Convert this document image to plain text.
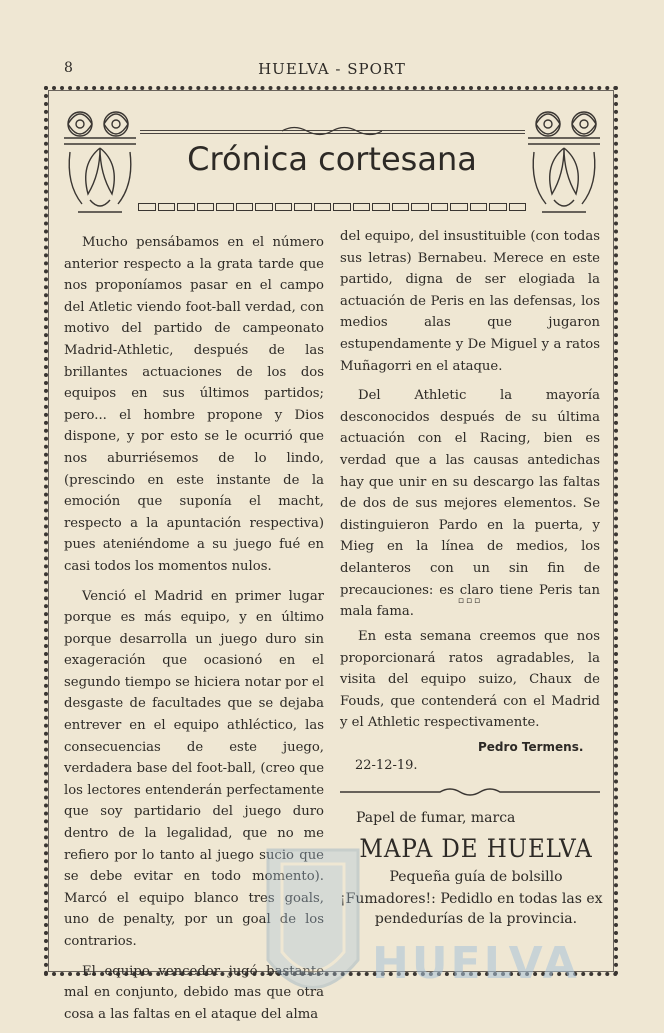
8	HUELVA - SPORT
Crónica cortesana

Mucho pensábamos en el número anterior respecto a la grata tarde que nos proponíamos pasar en el campo del Atletic viendo foot-ball verdad, con motivo del partido de campeonato Madrid-Athletic, después de las brillantes actuaciones de los dos equipos en sus últimos partidos; pero... el hombre propone y Dios dispone, y por esto se le ocurrió que nos aburriésemos de lo lindo, (prescindo en este instante de la emoción que suponía el macht, respecto a la apuntación respectiva) pues ateniéndome a su juego fué en casi todos los momentos nulos.

Venció el Madrid en primer lugar porque es más equipo, y en último porque desarrolla un juego duro sin exageración que ocasionó en el segundo tiempo se hiciera notar por el desgaste de facultades que se dejaba entrever en el equipo athléctico, las consecuencias de este juego, verdadera base del foot-ball, (creo que los lectores entenderán perfectamente que soy partidario del juego duro dentro de la legalidad, que no me refiero por lo tanto al juego sucio que se debe evitar en todo momento). Marcó el equipo blanco tres goals, uno de penalty, por un goal de los contrarios.

El equipo vencedor jugó bastante mal en conjunto, debido mas que otra cosa a las faltas en el ataque del alma

del equipo, del insustituible (con todas sus letras) Bernabeu. Merece en este partido, digna de ser elogiada la actuación de Peris en las defensas, los medios alas que jugaron estupendamente y De Miguel y a ratos Muñagorri en el ataque.

Del Athletic la mayoría desconocidos después de su última actuación con el Racing, bien es verdad que a las causas antedichas hay que unir en su descargo las faltas de dos de sus mejores elementos. Se distinguieron Pardo en la puerta, y Mieg en la línea de medios, los delanteros con un sin fin de precauciones: es claro tiene Peris tan mala fama.

▫▫▫

En esta semana creemos que nos proporcionará ratos agradables, la visita del equipo suizo, Chaux de Fouds, que contenderá con el Madrid y el Athletic respectivamente.

Pedro Termens.
22-12-19.
Papel de fumar, marca
MAPA DE HUELVA
Pequeña guía de bolsillo
¡Fumadores!: Pedidlo en todas las ex
pendedurías de la provincia.
HUELVA
